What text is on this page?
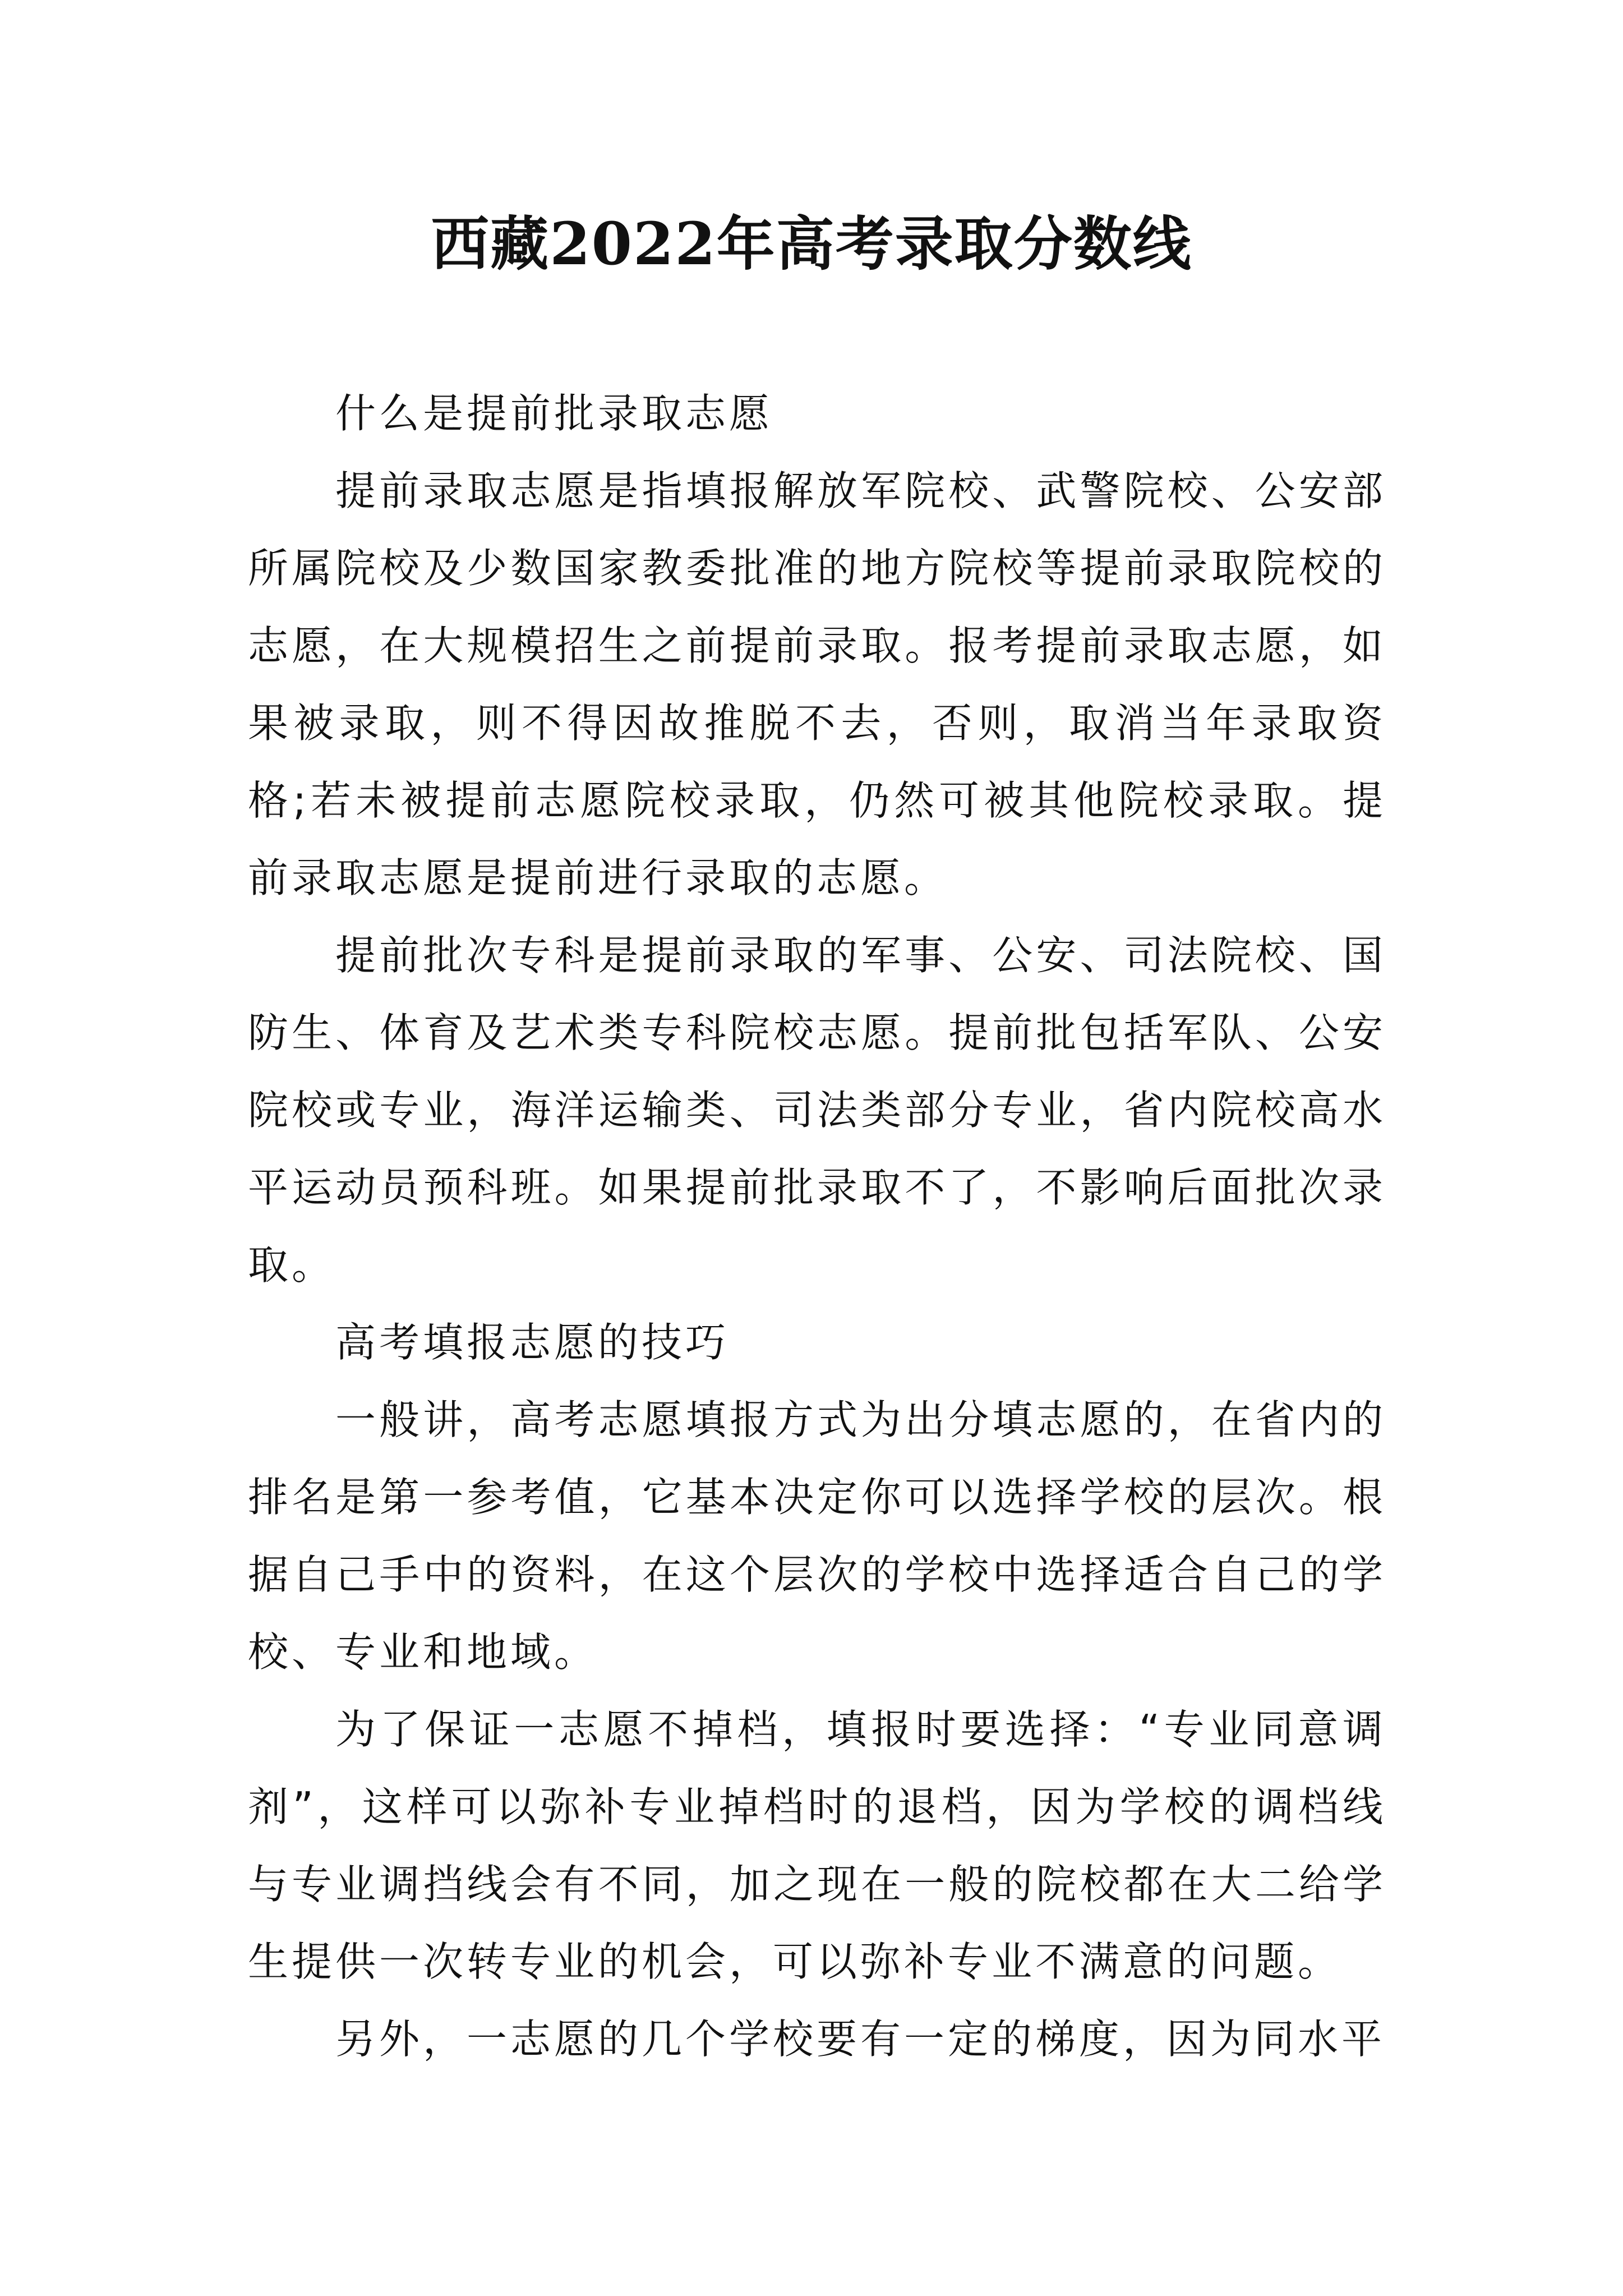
西藏2022年高考录取分数线

什么是提前批录取志愿

提前录取志愿是指填报解放军院校、武警院校、公安部所属院校及少数国家教委批准的地方院校等提前录取院校的志愿，在大规模招生之前提前录取。报考提前录取志愿，如果被录取，则不得因故推脱不去，否则，取消当年录取资格;若未被提前志愿院校录取，仍然可被其他院校录取。提前录取志愿是提前进行录取的志愿。

提前批次专科是提前录取的军事、公安、司法院校、国防生、体育及艺术类专科院校志愿。提前批包括军队、公安院校或专业，海洋运输类、司法类部分专业，省内院校高水平运动员预科班。如果提前批录取不了，不影响后面批次录取。

高考填报志愿的技巧

一般讲，高考志愿填报方式为出分填志愿的，在省内的排名是第一参考值，它基本决定你可以选择学校的层次。根据自己手中的资料，在这个层次的学校中选择适合自己的学校、专业和地域。

为了保证一志愿不掉档，填报时要选择：“专业同意调剂”，这样可以弥补专业掉档时的退档，因为学校的调档线与专业调挡线会有不同，加之现在一般的院校都在大二给学生提供一次转专业的机会，可以弥补专业不满意的问题。

另外，一志愿的几个学校要有一定的梯度，因为同水平
